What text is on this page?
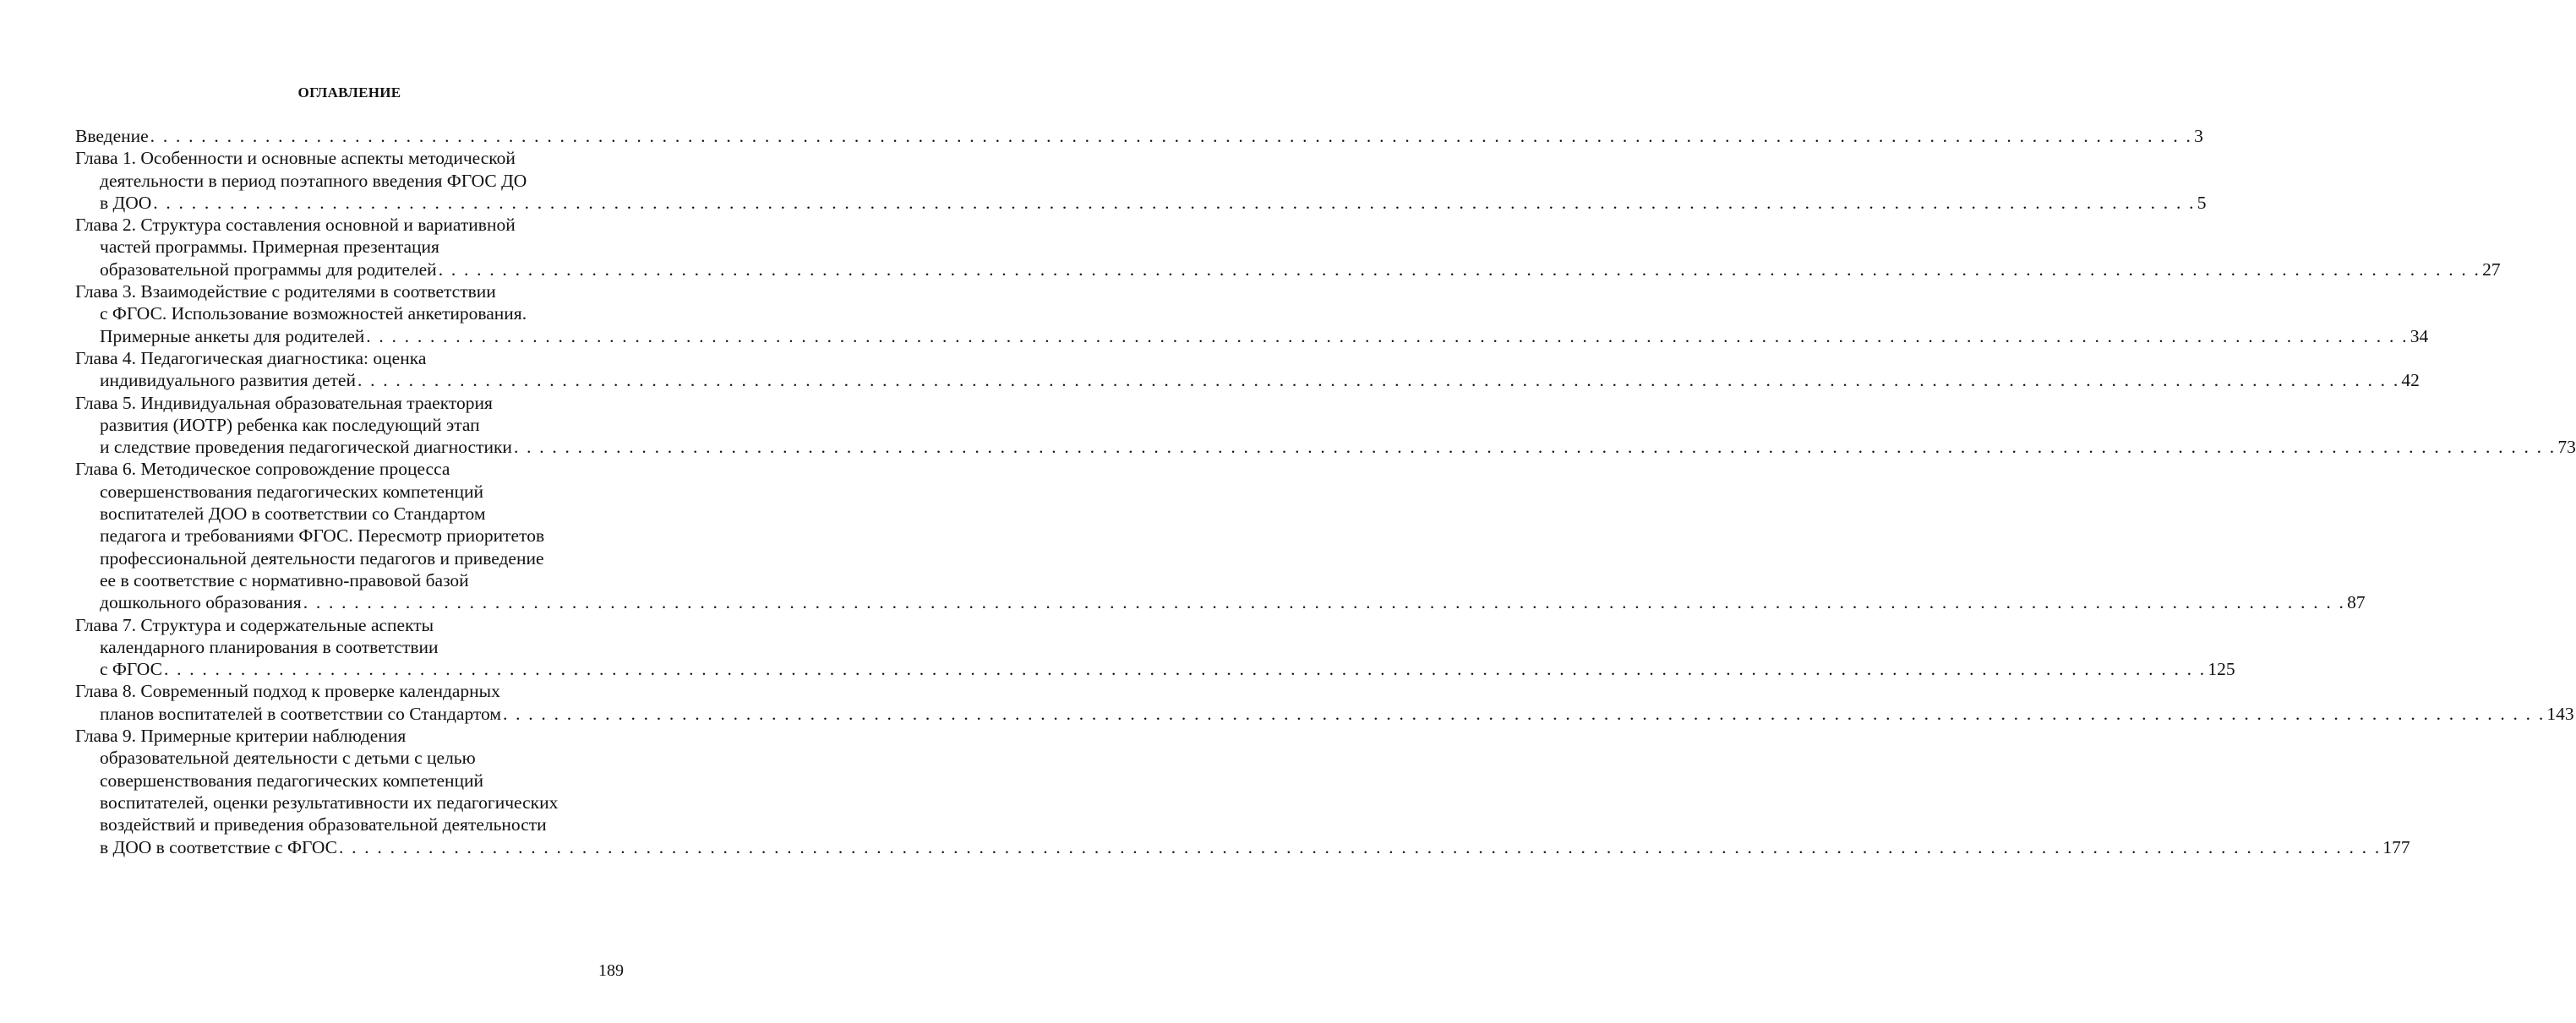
ОГЛАВЛЕНИЕ
Введение . . . . . . . . . . . . . . . . . . . . . . . . . . . . . . . . . . . . . . . . . . . . . . . . . . . . . . . . . . . . . . . . . . . . . . . . . . . . . . . . . . . . . . . . . . . . . . . . . . . . . . . . . . . . . . . . . . . . . . . . . . . . . . . . . . . . . . . . . . . . . . . . . . . . . . . . . . . . . . . . 3
Глава 1. Особенности и основные аспекты методической
деятельности в период поэтапного введения ФГОС ДО
в ДОО . . . . . . . . . . . . . . . . . . . . . . . . . . . . . . . . . . . . . . . . . . . . . . . . . . . . . . . . . . . . . . . . . . . . . . . . . . . . . . . . . . . . . . . . . . . . . . . . . . . . . . . . . . . . . . . . . . . . . . . . . . . . . . . . . . . . . . . . . . . . . . . . . . . . . . . . . . . . . . . . 5
Глава 2. Структура составления основной и вариативной
частей программы. Примерная презентация
образовательной программы для родителей . . . . . . . . . . . . . . . . . . . . . . . . . . . . . . . . . . . . . . . . . . . . . . . . . . . . . . . . . . . . . . . . . . . . . . . . . . . . . . . . . . . . . . . . . . . . . . . . . . . . . . . . . . . . . . . . . . . . . . . . . . . . . . . . . . . . . . . . . . . . . . . . . . . . . . . . . . . . . . . . 27
Глава 3. Взаимодействие с родителями в соответствии
с ФГОС. Использование возможностей анкетирования.
Примерные анкеты для родителей . . . . . . . . . . . . . . . . . . . . . . . . . . . . . . . . . . . . . . . . . . . . . . . . . . . . . . . . . . . . . . . . . . . . . . . . . . . . . . . . . . . . . . . . . . . . . . . . . . . . . . . . . . . . . . . . . . . . . . . . . . . . . . . . . . . . . . . . . . . . . . . . . . . . . . . . . . . . . . . . 34
Глава 4. Педагогическая диагностика: оценка
индивидуального развития детей . . . . . . . . . . . . . . . . . . . . . . . . . . . . . . . . . . . . . . . . . . . . . . . . . . . . . . . . . . . . . . . . . . . . . . . . . . . . . . . . . . . . . . . . . . . . . . . . . . . . . . . . . . . . . . . . . . . . . . . . . . . . . . . . . . . . . . . . . . . . . . . . . . . . . . . . . . . . . . . . 42
Глава 5. Индивидуальная образовательная траектория
развития (ИОТР) ребенка как последующий этап
и следствие проведения педагогической диагностики . . . . . . . . . . . . . . . . . . . . . . . . . . . . . . . . . . . . . . . . . . . . . . . . . . . . . . . . . . . . . . . . . . . . . . . . . . . . . . . . . . . . . . . . . . . . . . . . . . . . . . . . . . . . . . . . . . . . . . . . . . . . . . . . . . . . . . . . . . . . . . . . . . . . . . . . . . . . . . . . 73
Глава 6. Методическое сопровождение процесса
совершенствования педагогических компетенций
воспитателей ДОО в соответствии со Стандартом
педагога и требованиями ФГОС. Пересмотр приоритетов
профессиональной деятельности педагогов и приведение
ее в соответствие с нормативно-правовой базой
дошкольного образования . . . . . . . . . . . . . . . . . . . . . . . . . . . . . . . . . . . . . . . . . . . . . . . . . . . . . . . . . . . . . . . . . . . . . . . . . . . . . . . . . . . . . . . . . . . . . . . . . . . . . . . . . . . . . . . . . . . . . . . . . . . . . . . . . . . . . . . . . . . . . . . . . . . . . . . . . . . . . . . . 87
Глава 7. Структура и содержательные аспекты
календарного планирования в соответствии
с ФГОС . . . . . . . . . . . . . . . . . . . . . . . . . . . . . . . . . . . . . . . . . . . . . . . . . . . . . . . . . . . . . . . . . . . . . . . . . . . . . . . . . . . . . . . . . . . . . . . . . . . . . . . . . . . . . . . . . . . . . . . . . . . . . . . . . . . . . . . . . . . . . . . . . . . . . . . . . . . . . . . . 125
Глава 8. Современный подход к проверке календарных
планов воспитателей в соответствии со Стандартом . . . . . . . . . . . . . . . . . . . . . . . . . . . . . . . . . . . . . . . . . . . . . . . . . . . . . . . . . . . . . . . . . . . . . . . . . . . . . . . . . . . . . . . . . . . . . . . . . . . . . . . . . . . . . . . . . . . . . . . . . . . . . . . . . . . . . . . . . . . . . . . . . . . . . . . . . . . . . . . . 143
Глава 9. Примерные критерии наблюдения
образовательной деятельности с детьми с целью
совершенствования педагогических компетенций
воспитателей, оценки результативности их педагогических
воздействий и приведения образовательной деятельности
в ДОО в соответствие с ФГОС . . . . . . . . . . . . . . . . . . . . . . . . . . . . . . . . . . . . . . . . . . . . . . . . . . . . . . . . . . . . . . . . . . . . . . . . . . . . . . . . . . . . . . . . . . . . . . . . . . . . . . . . . . . . . . . . . . . . . . . . . . . . . . . . . . . . . . . . . . . . . . . . . . . . . . . . . . . . . . . . 177
189
